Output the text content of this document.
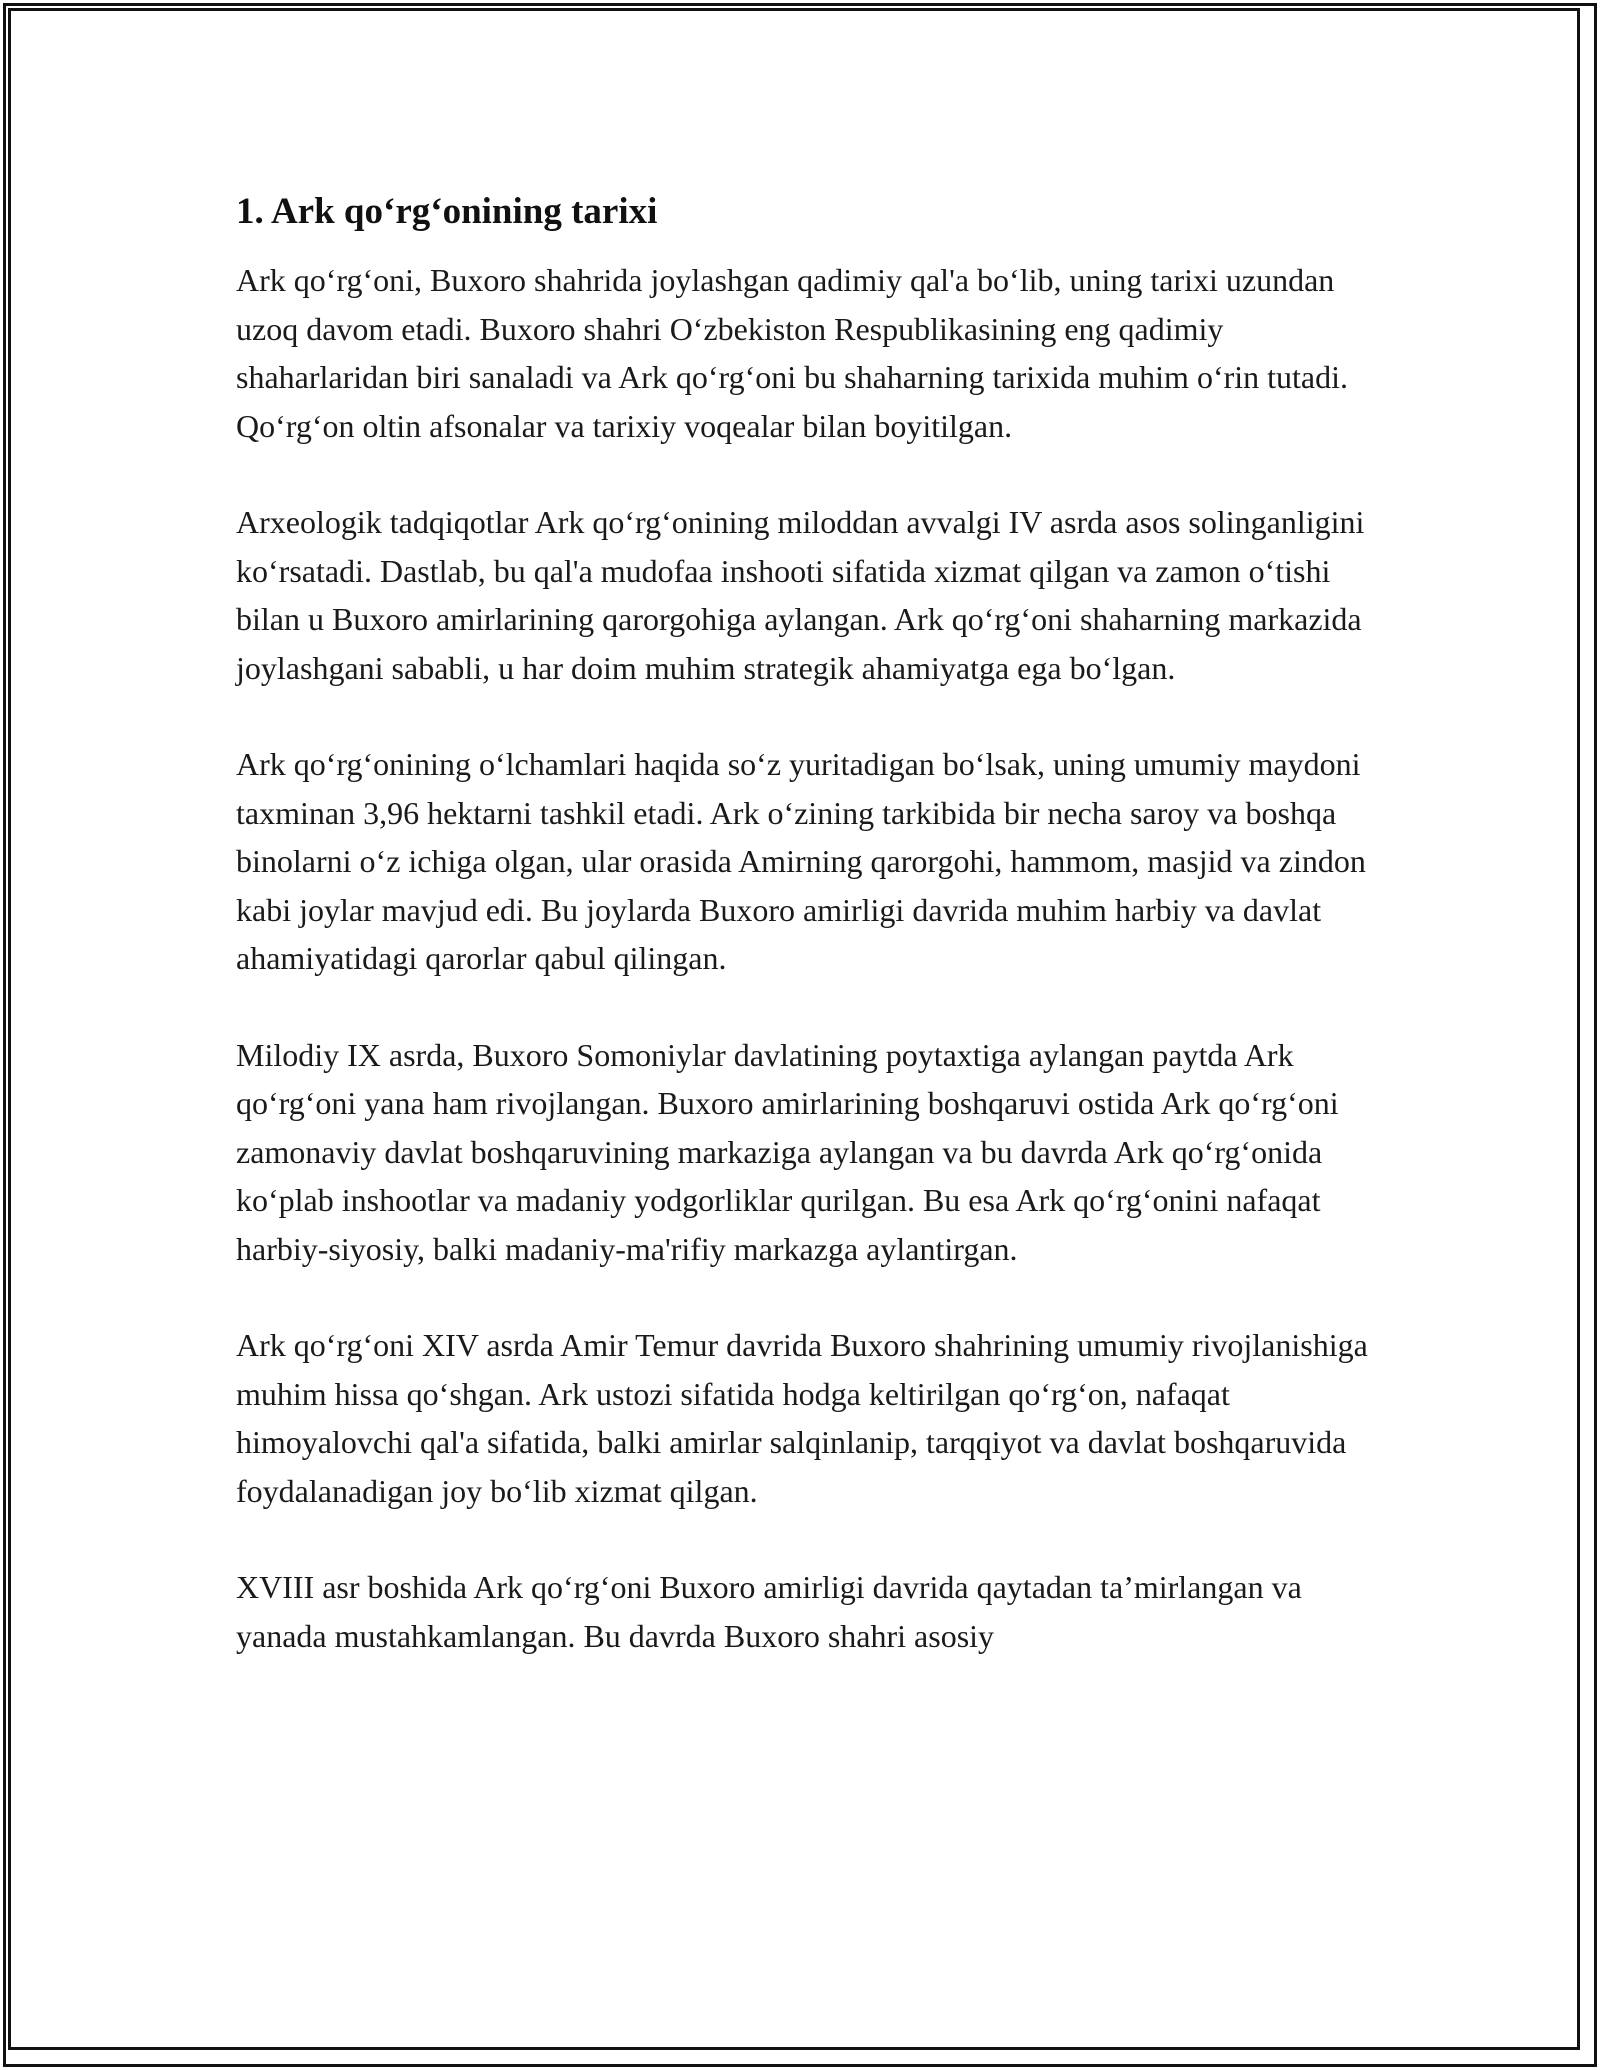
1. Ark qo‘rg‘onining tarixi

Ark qo‘rg‘oni, Buxoro shahrida joylashgan qadimiy qal'a bo‘lib, uning tarixi uzundan uzoq davom etadi. Buxoro shahri O‘zbekiston Respublikasining eng qadimiy shaharlaridan biri sanaladi va Ark qo‘rg‘oni bu shaharning tarixida muhim o‘rin tutadi. Qo‘rg‘on oltin afsonalar va tarixiy voqealar bilan boyitilgan.

Arxeologik tadqiqotlar Ark qo‘rg‘onining miloddan avvalgi IV asrda asos solinganligini ko‘rsatadi. Dastlab, bu qal'a mudofaa inshooti sifatida xizmat qilgan va zamon o‘tishi bilan u Buxoro amirlarining qarorgohiga aylangan. Ark qo‘rg‘oni shaharning markazida joylashgani sababli, u har doim muhim strategik ahamiyatga ega bo‘lgan.

Ark qo‘rg‘onining o‘lchamlari haqida so‘z yuritadigan bo‘lsak, uning umumiy maydoni taxminan 3,96 hektarni tashkil etadi. Ark o‘zining tarkibida bir necha saroy va boshqa binolarni o‘z ichiga olgan, ular orasida Amirning qarorgohi, hammom, masjid va zindon kabi joylar mavjud edi. Bu joylarda Buxoro amirligi davrida muhim harbiy va davlat ahamiyatidagi qarorlar qabul qilingan.

Milodiy IX asrda, Buxoro Somoniylar davlatining poytaxtiga aylangan paytda Ark qo‘rg‘oni yana ham rivojlangan. Buxoro amirlarining boshqaruvi ostida Ark qo‘rg‘oni zamonaviy davlat boshqaruvining markaziga aylangan va bu davrda Ark qo‘rg‘onida ko‘plab inshootlar va madaniy yodgorliklar qurilgan. Bu esa Ark qo‘rg‘onini nafaqat harbiy-siyosiy, balki madaniy-ma'rifiy markazga aylantirgan.

Ark qo‘rg‘oni XIV asrda Amir Temur davrida Buxoro shahrining umumiy rivojlanishiga muhim hissa qo‘shgan. Ark ustozi sifatida hodga keltirilgan qo‘rg‘on, nafaqat himoyalovchi qal'a sifatida, balki amirlar salqinlanip, tarqqiyot va davlat boshqaruvida foydalanadigan joy bo‘lib xizmat qilgan.

XVIII asr boshida Ark qo‘rg‘oni Buxoro amirligi davrida qaytadan ta’mirlangan va yanada mustahkamlangan. Bu davrda Buxoro shahri asosiy
